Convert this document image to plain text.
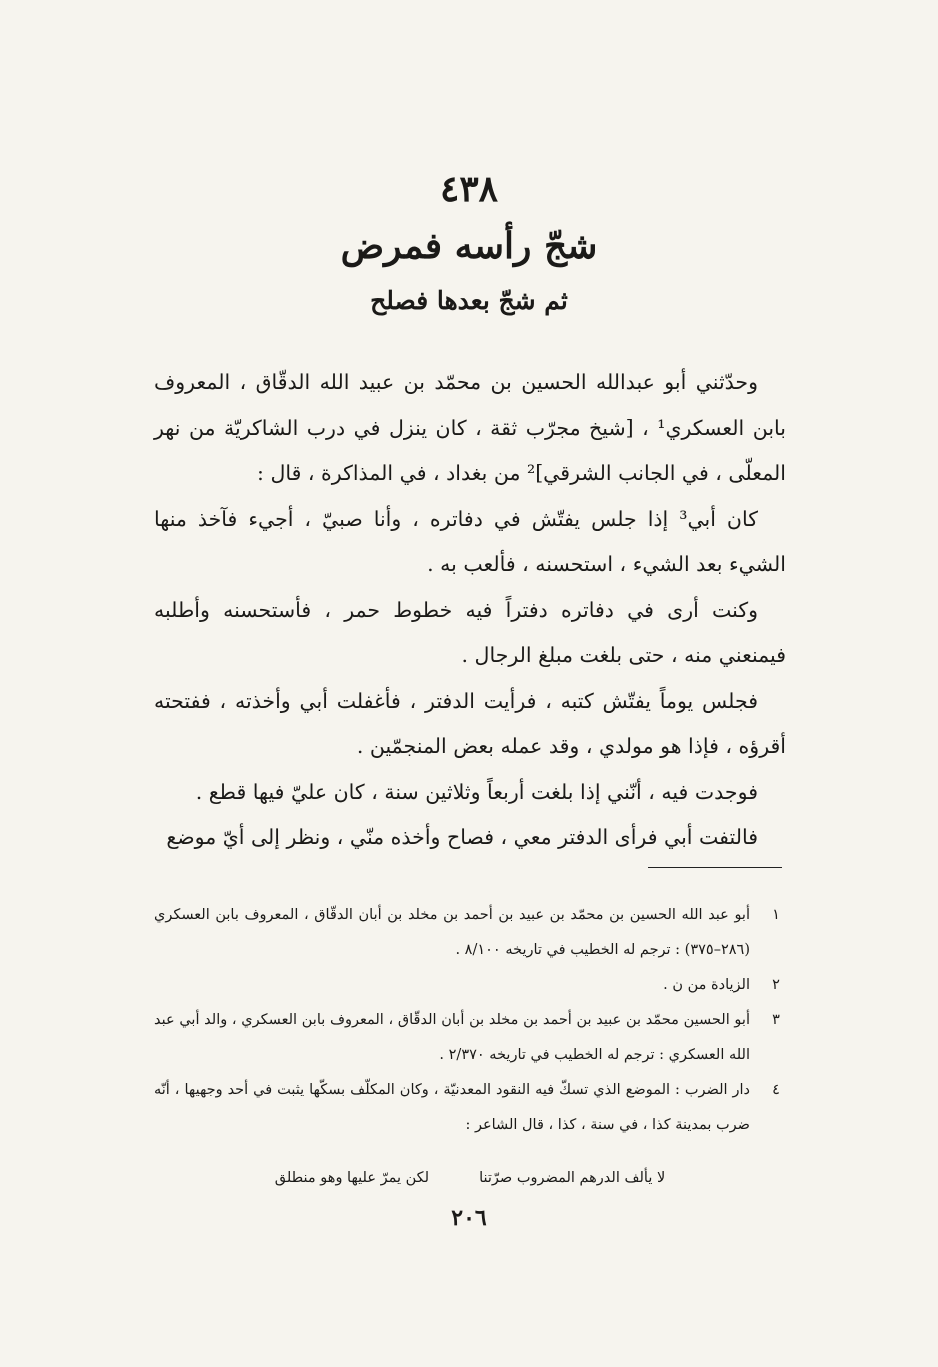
٤٣٨
شجّ رأسه فمرض
ثم شجّ بعدها فصلح

وحدّثني أبو عبدالله الحسين بن محمّد بن عبيد الله الدقّاق ، المعروف بابن العسكري¹ ، [شيخ مجرّب ثقة ، كان ينزل في درب الشاكريّة من نهر المعلّى ، في الجانب الشرقي]² من بغداد ، في المذاكرة ، قال :

كان أبي³ إذا جلس يفتّش في دفاتره ، وأنا صبيّ ، أجيء فآخذ منها الشيء بعد الشيء ، استحسنه ، فألعب به .

وكنت أرى في دفاتره دفتراً فيه خطوط حمر ، فأستحسنه وأطلبه فيمنعني منه ، حتى بلغت مبلغ الرجال .

فجلس يوماً يفتّش كتبه ، فرأيت الدفتر ، فأغفلت أبي وأخذته ، ففتحته أقرؤه ، فإذا هو مولدي ، وقد عمله بعض المنجمّين .

فوجدت فيه ، أنّني إذا بلغت أربعاً وثلاثين سنة ، كان عليّ فيها قطع .

فالتفت أبي فرأى الدفتر معي ، فصاح وأخذه منّي ، ونظر إلى أيّ موضع

١
أبو عبد الله الحسين بن محمّد بن عبيد بن أحمد بن مخلد بن أبان الدقّاق ، المعروف بابن العسكري (٢٨٦–٣٧٥) : ترجم له الخطيب في تاريخه ٨/١٠٠ .
٢
الزيادة من ن .
٣
أبو الحسين محمّد بن عبيد بن أحمد بن مخلد بن أبان الدقّاق ، المعروف بابن العسكري ، والد أبي عبد الله العسكري : ترجم له الخطيب في تاريخه ٢/٣٧٠ .
٤
دار الضرب : الموضع الذي تسكّ فيه النقود المعدنيّة ، وكان المكلّف بسكّها يثبت في أحد وجهيها ، أنّه ضرب بمدينة كذا ، في سنة ، كذا ، قال الشاعر :
لا يألف الدرهم المضروب صرّتنا
لكن يمرّ عليها وهو منطلق
٢٠٦
